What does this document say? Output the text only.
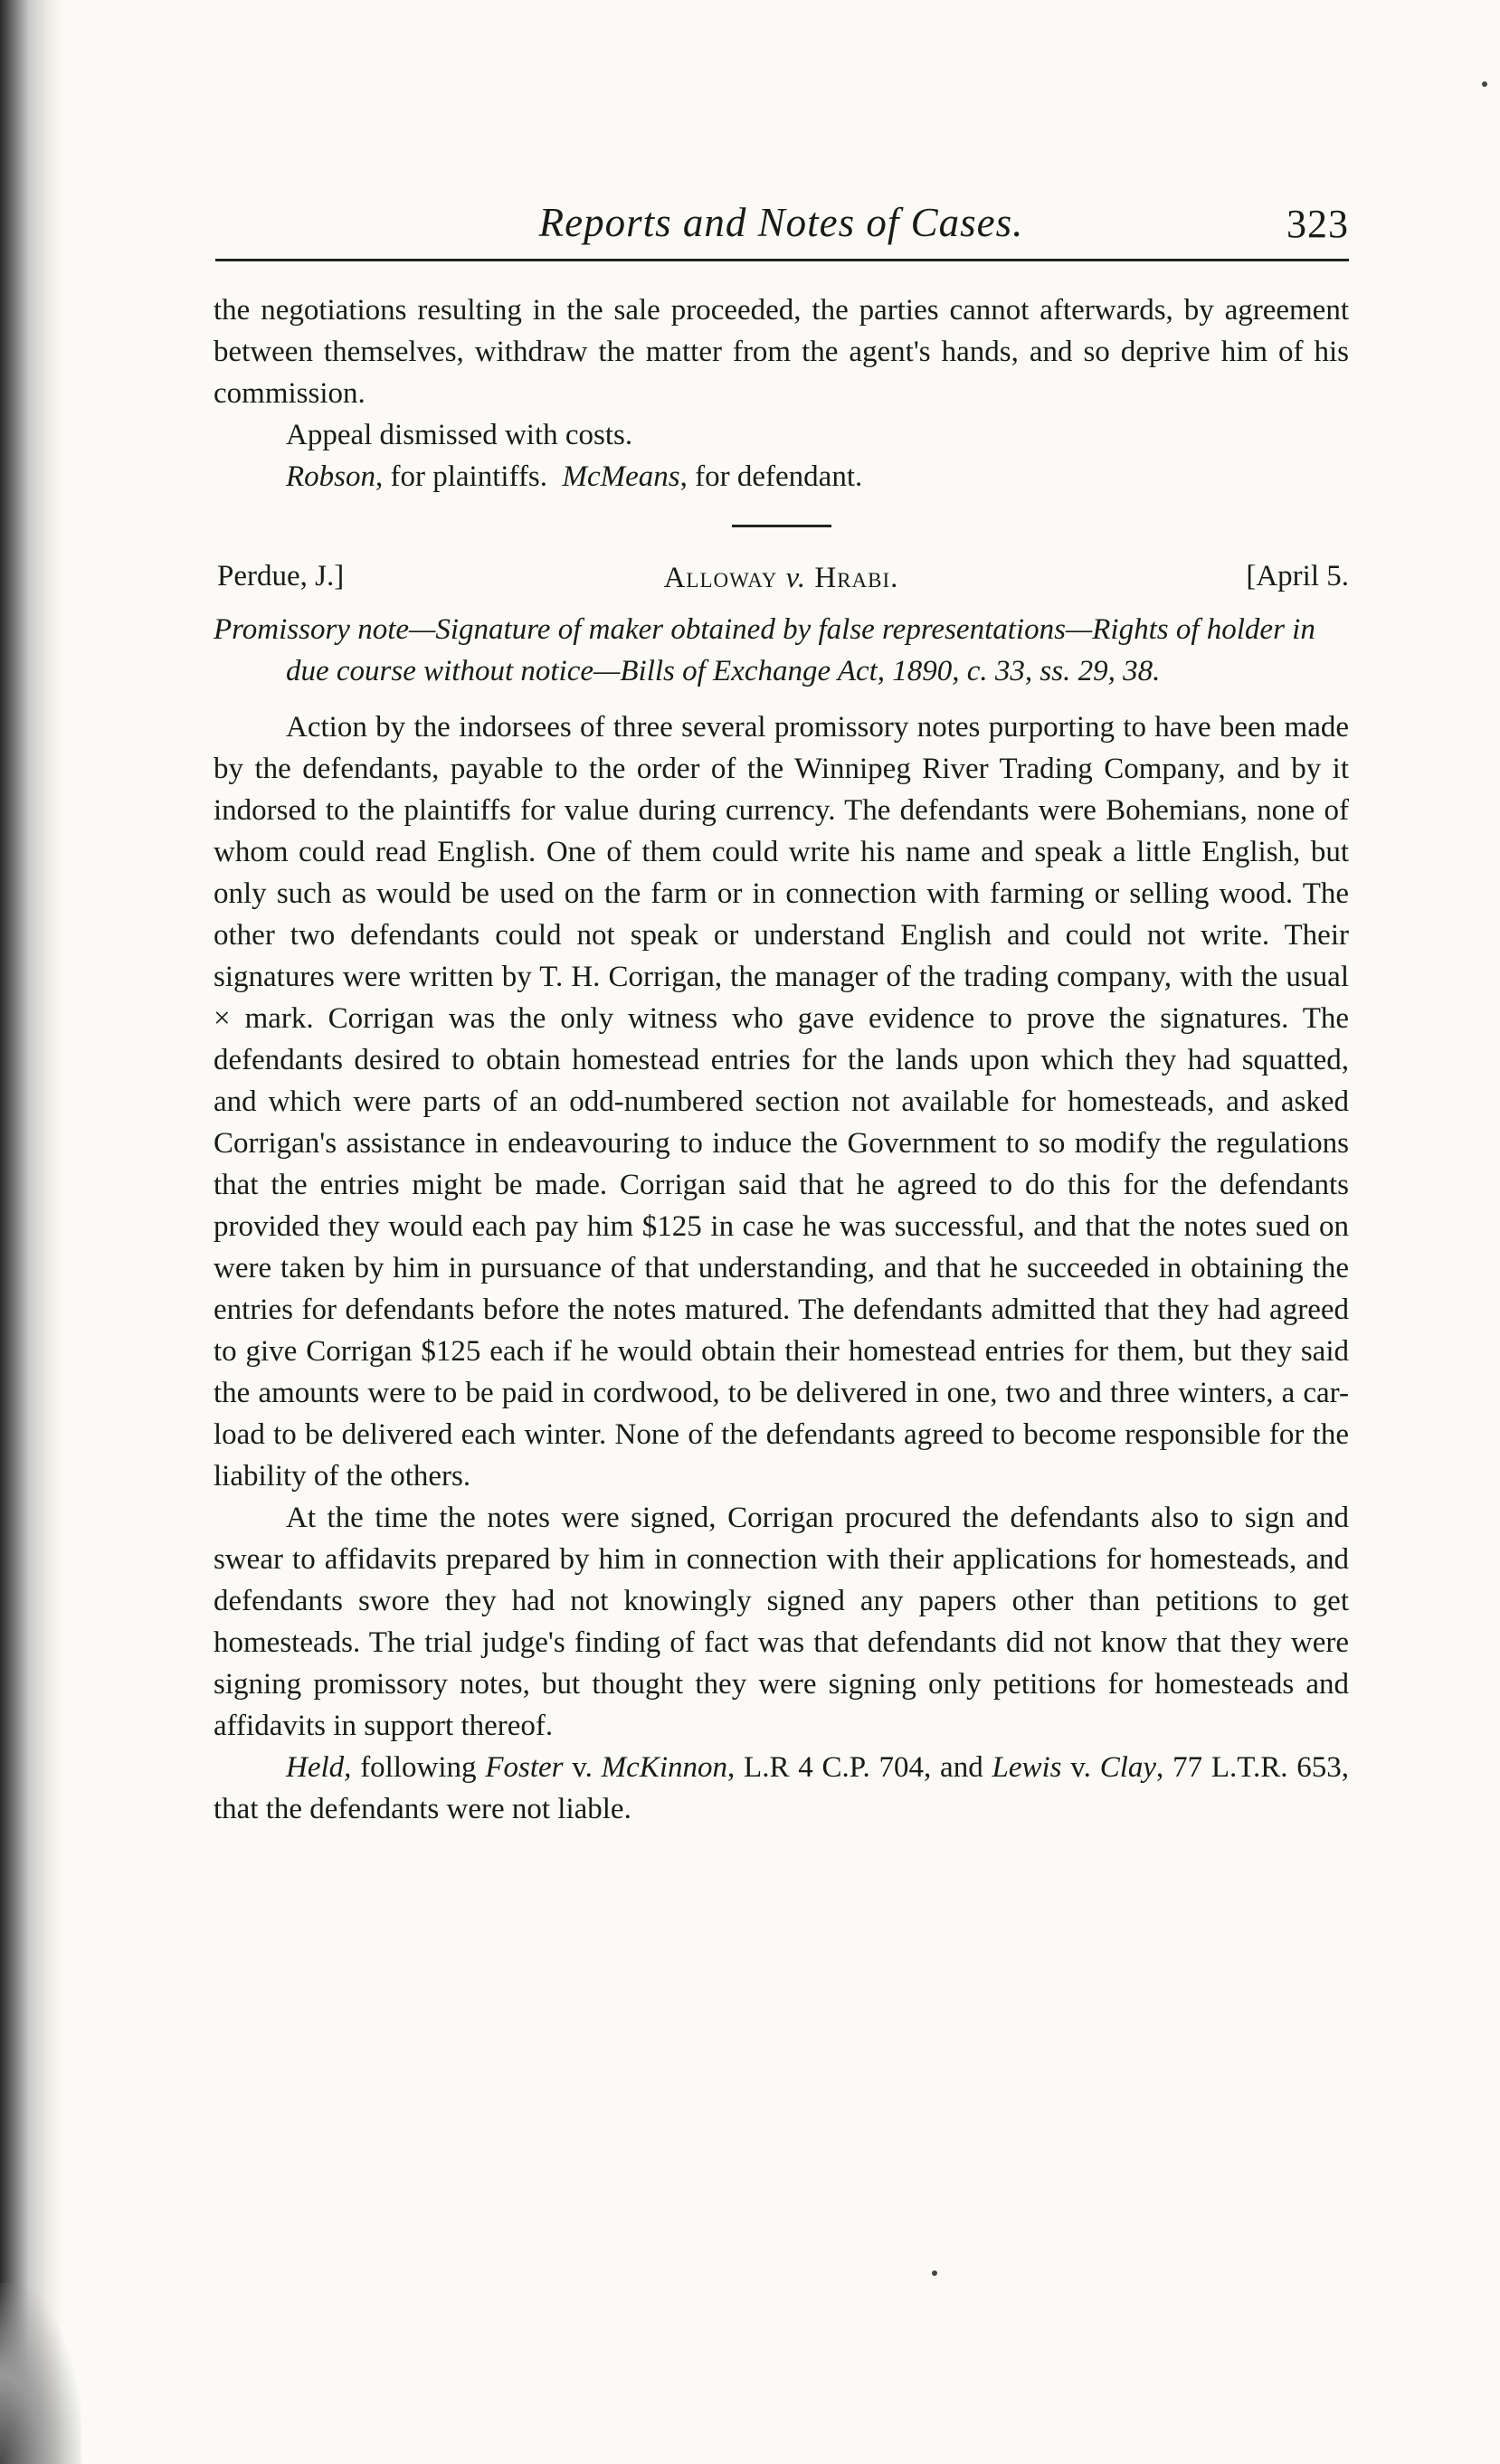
Reports and Notes of Cases.	323

the negotiations resulting in the sale proceeded, the parties cannot afterwards, by agreement between themselves, withdraw the matter from the agent's hands, and so deprive him of his commission.

Appeal dismissed with costs.

Robson, for plaintiffs. McMeans, for defendant.

Perdue, J.]	Alloway v. Hrabi.	[April 5.

Promissory note—Signature of maker obtained by false representations—Rights of holder in due course without notice—Bills of Exchange Act, 1890, c. 33, ss. 29, 38.

Action by the indorsees of three several promissory notes purporting to have been made by the defendants, payable to the order of the Winnipeg River Trading Company, and by it indorsed to the plaintiffs for value during currency. The defendants were Bohemians, none of whom could read English. One of them could write his name and speak a little English, but only such as would be used on the farm or in connection with farming or selling wood. The other two defendants could not speak or understand English and could not write. Their signatures were written by T. H. Corrigan, the manager of the trading company, with the usual × mark. Corrigan was the only witness who gave evidence to prove the signatures. The defendants desired to obtain homestead entries for the lands upon which they had squatted, and which were parts of an odd-numbered section not available for homesteads, and asked Corrigan's assistance in endeavouring to induce the Government to so modify the regulations that the entries might be made. Corrigan said that he agreed to do this for the defendants provided they would each pay him $125 in case he was successful, and that the notes sued on were taken by him in pursuance of that understanding, and that he succeeded in obtaining the entries for defendants before the notes matured. The defendants admitted that they had agreed to give Corrigan $125 each if he would obtain their homestead entries for them, but they said the amounts were to be paid in cordwood, to be delivered in one, two and three winters, a car-load to be delivered each winter. None of the defendants agreed to become responsible for the liability of the others.

At the time the notes were signed, Corrigan procured the defendants also to sign and swear to affidavits prepared by him in connection with their applications for homesteads, and defendants swore they had not knowingly signed any papers other than petitions to get homesteads. The trial judge's finding of fact was that defendants did not know that they were signing promissory notes, but thought they were signing only petitions for homesteads and affidavits in support thereof.

Held, following Foster v. McKinnon, L.R 4 C.P. 704, and Lewis v. Clay, 77 L.T.R. 653, that the defendants were not liable.
